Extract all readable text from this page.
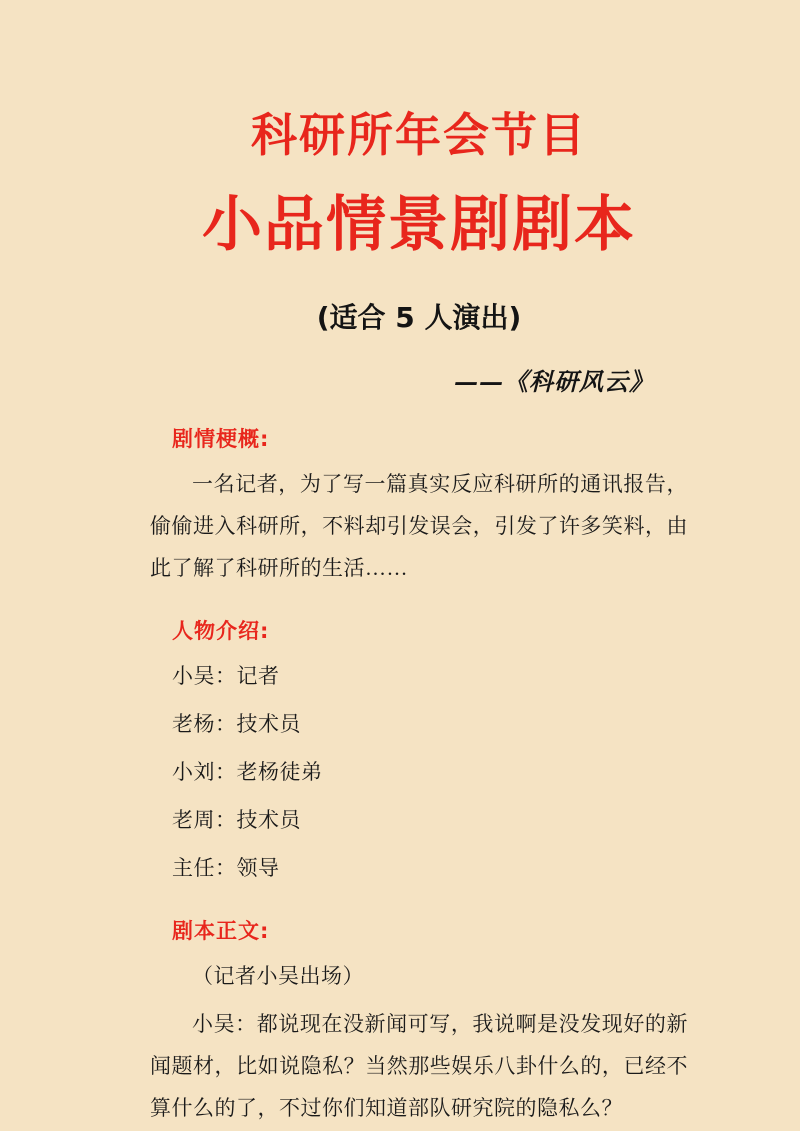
科研所年会节目
小品情景剧剧本
(适合 5 人演出)
——《科研风云》
剧情梗概:

一名记者，为了写一篇真实反应科研所的通讯报告，偷偷进入科研所，不料却引发误会，引发了许多笑料，由此了解了科研所的生活……

人物介绍:
小吴：记者
老杨：技术员
小刘：老杨徒弟
老周：技术员
主任：领导
剧本正文:

（记者小吴出场）

小吴：都说现在没新闻可写，我说啊是没发现好的新闻题材，比如说隐私？当然那些娱乐八卦什么的，已经不算什么的了，不过你们知道部队研究院的隐私么？
